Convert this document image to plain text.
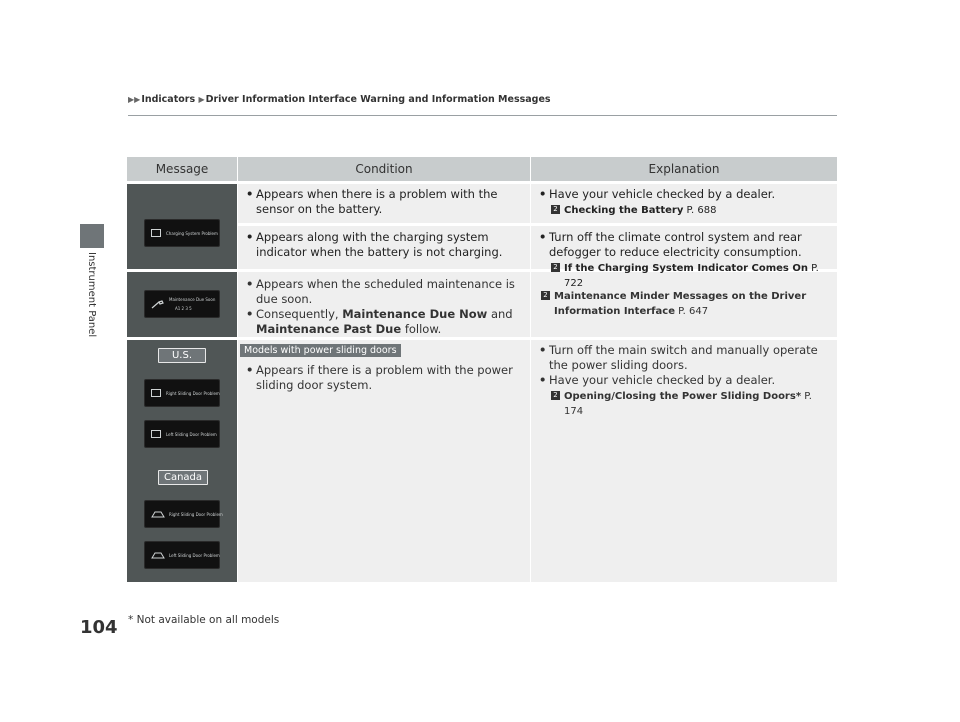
Instrument Panel
▶▶Indicators ▶Driver Information Interface Warning and Information Messages
Message	Condition	Explanation
Charging System Problem
• Appears when there is a problem with the sensor on the battery.
• Have your vehicle checked by a dealer.
2 Checking the Battery P. 688
• Appears along with the charging system indicator when the battery is not charging.
• Turn off the climate control system and rear defogger to reduce electricity consumption.
2 If the Charging System Indicator Comes On P. 722
Maintenance Due Soon
A1 2 3 5
• Appears when the scheduled maintenance is due soon.
• Consequently, Maintenance Due Now and Maintenance Past Due follow.
2 Maintenance Minder Messages on the Driver Information Interface P. 647
U.S.
Right Sliding Door Problem
Left Sliding Door Problem
Canada
Right Sliding Door Problem
Left Sliding Door Problem
Models with power sliding doors
• Appears if there is a problem with the power sliding door system.
• Turn off the main switch and manually operate the power sliding doors.
• Have your vehicle checked by a dealer.
2 Opening/Closing the Power Sliding Doors* P. 174
104 * Not available on all models
